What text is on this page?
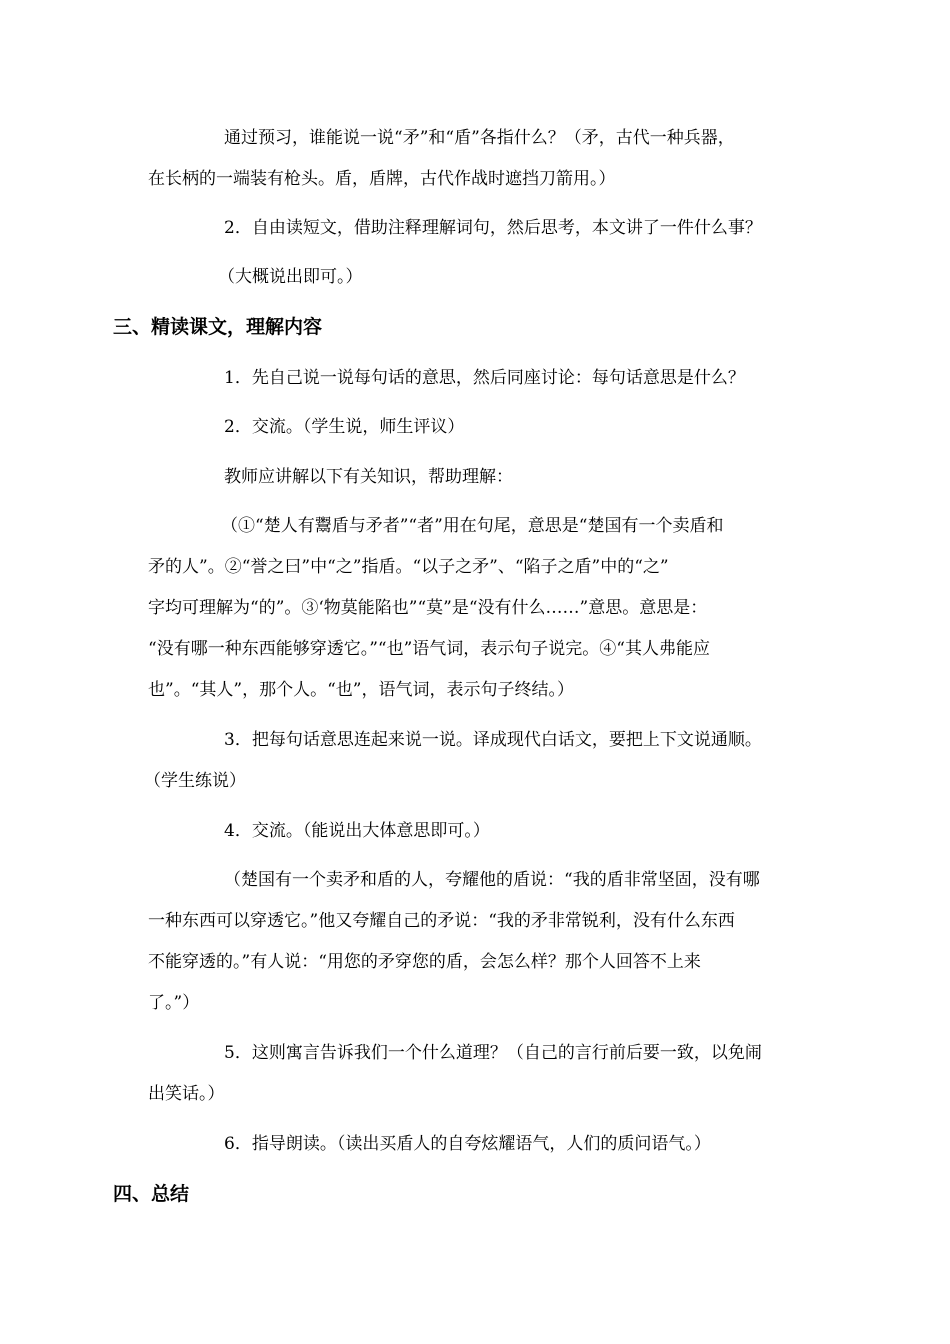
通过预习，谁能说一说“矛”和“盾”各指什么？（矛，古代一种兵器，
在长柄的一端装有枪头。盾，盾牌，古代作战时遮挡刀箭用。）
2．自由读短文，借助注释理解词句，然后思考，本文讲了一件什么事？
（大概说出即可。）
三、精读课文，理解内容
1．先自己说一说每句话的意思，然后同座讨论：每句话意思是什么？
2．交流。（学生说，师生评议）
教师应讲解以下有关知识，帮助理解：
（①“楚人有鬻盾与矛者”“者”用在句尾，意思是“楚国有一个卖盾和
矛的人”。②“誉之曰”中“之”指盾。“以子之矛”、“陷子之盾”中的“之”
字均可理解为“的”。③‘物莫能陷也”“莫”是“没有什么……”意思。意思是：
“没有哪一种东西能够穿透它。”“也”语气词，表示句子说完。④“其人弗能应
也”。“其人”，那个人。“也”，语气词，表示句子终结。）
3．把每句话意思连起来说一说。译成现代白话文，要把上下文说通顺。
（学生练说）
4．交流。（能说出大体意思即可。）
（楚国有一个卖矛和盾的人，夸耀他的盾说：“我的盾非常坚固，没有哪
一种东西可以穿透它。”他又夸耀自己的矛说：“我的矛非常锐利，没有什么东西
不能穿透的。”有人说：“用您的矛穿您的盾，会怎么样？那个人回答不上来
了。”）
5．这则寓言告诉我们一个什么道理？（自己的言行前后要一致，以免闹
出笑话。）
6．指导朗读。（读出买盾人的自夸炫耀语气，人们的质问语气。）
四、总结
